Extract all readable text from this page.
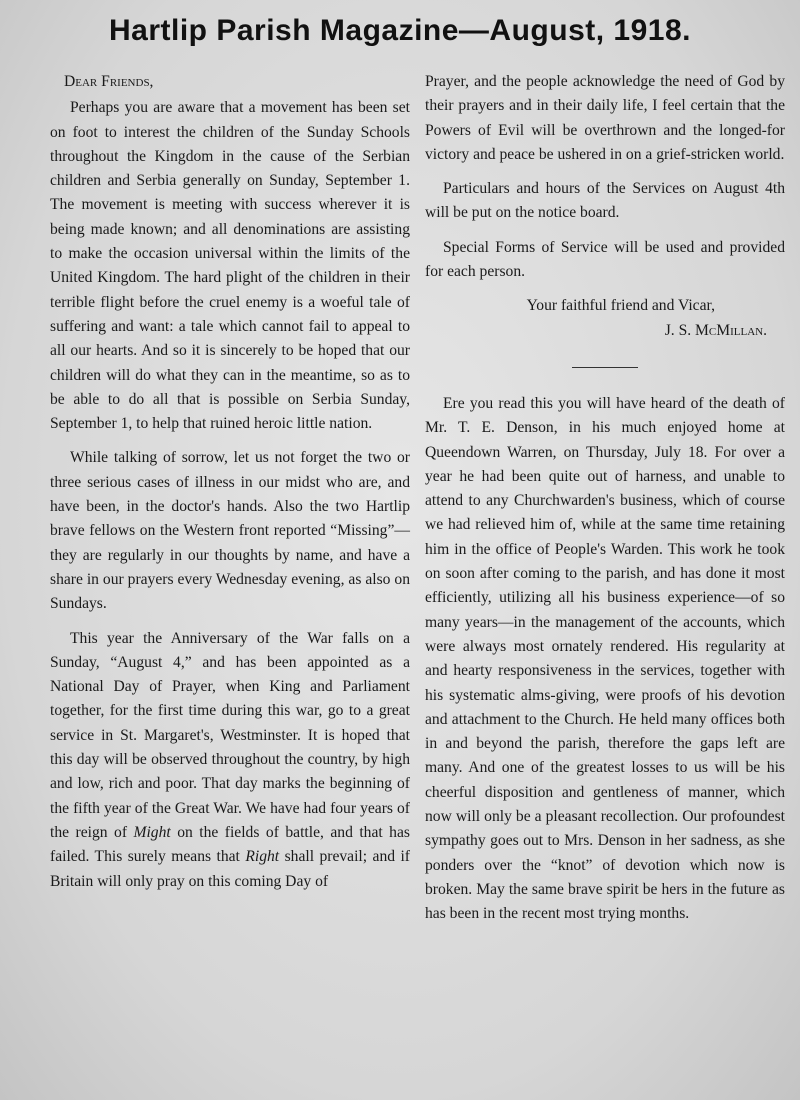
Hartlip Parish Magazine—August, 1918.

Dear Friends,

Perhaps you are aware that a movement has been set on foot to interest the children of the Sunday Schools throughout the Kingdom in the cause of the Serbian children and Serbia generally on Sunday, September 1. The movement is meeting with success wherever it is being made known; and all denominations are assisting to make the occasion universal within the limits of the United Kingdom. The hard plight of the children in their terrible flight before the cruel enemy is a woeful tale of suffering and want: a tale which cannot fail to appeal to all our hearts. And so it is sincerely to be hoped that our children will do what they can in the meantime, so as to be able to do all that is possible on Serbia Sunday, September 1, to help that ruined heroic little nation.

While talking of sorrow, let us not forget the two or three serious cases of illness in our midst who are, and have been, in the doctor's hands. Also the two Hartlip brave fellows on the Western front reported “Missing”—they are regularly in our thoughts by name, and have a share in our prayers every Wednesday evening, as also on Sundays.

This year the Anniversary of the War falls on a Sunday, “August 4,” and has been appointed as a National Day of Prayer, when King and Parliament together, for the first time during this war, go to a great service in St. Margaret's, Westminster. It is hoped that this day will be observed throughout the country, by high and low, rich and poor. That day marks the beginning of the fifth year of the Great War. We have had four years of the reign of Might on the fields of battle, and that has failed. This surely means that Right shall prevail; and if Britain will only pray on this coming Day of

Prayer, and the people acknowledge the need of God by their prayers and in their daily life, I feel certain that the Powers of Evil will be overthrown and the longed-for victory and peace be ushered in on a grief-stricken world.

Particulars and hours of the Services on August 4th will be put on the notice board.

Special Forms of Service will be used and provided for each person.

Your faithful friend and Vicar,

J. S. McMillan.

Ere you read this you will have heard of the death of Mr. T. E. Denson, in his much enjoyed home at Queendown Warren, on Thursday, July 18. For over a year he had been quite out of harness, and unable to attend to any Churchwarden's business, which of course we had relieved him of, while at the same time retaining him in the office of People's Warden. This work he took on soon after coming to the parish, and has done it most efficiently, utilizing all his business experience—of so many years—in the management of the accounts, which were always most ornately rendered. His regularity at and hearty responsiveness in the services, together with his systematic alms-giving, were proofs of his devotion and attachment to the Church. He held many offices both in and beyond the parish, therefore the gaps left are many. And one of the greatest losses to us will be his cheerful disposition and gentleness of manner, which now will only be a pleasant recollection. Our profoundest sympathy goes out to Mrs. Denson in her sadness, as she ponders over the “knot” of devotion which now is broken. May the same brave spirit be hers in the future as has been in the recent most trying months.
